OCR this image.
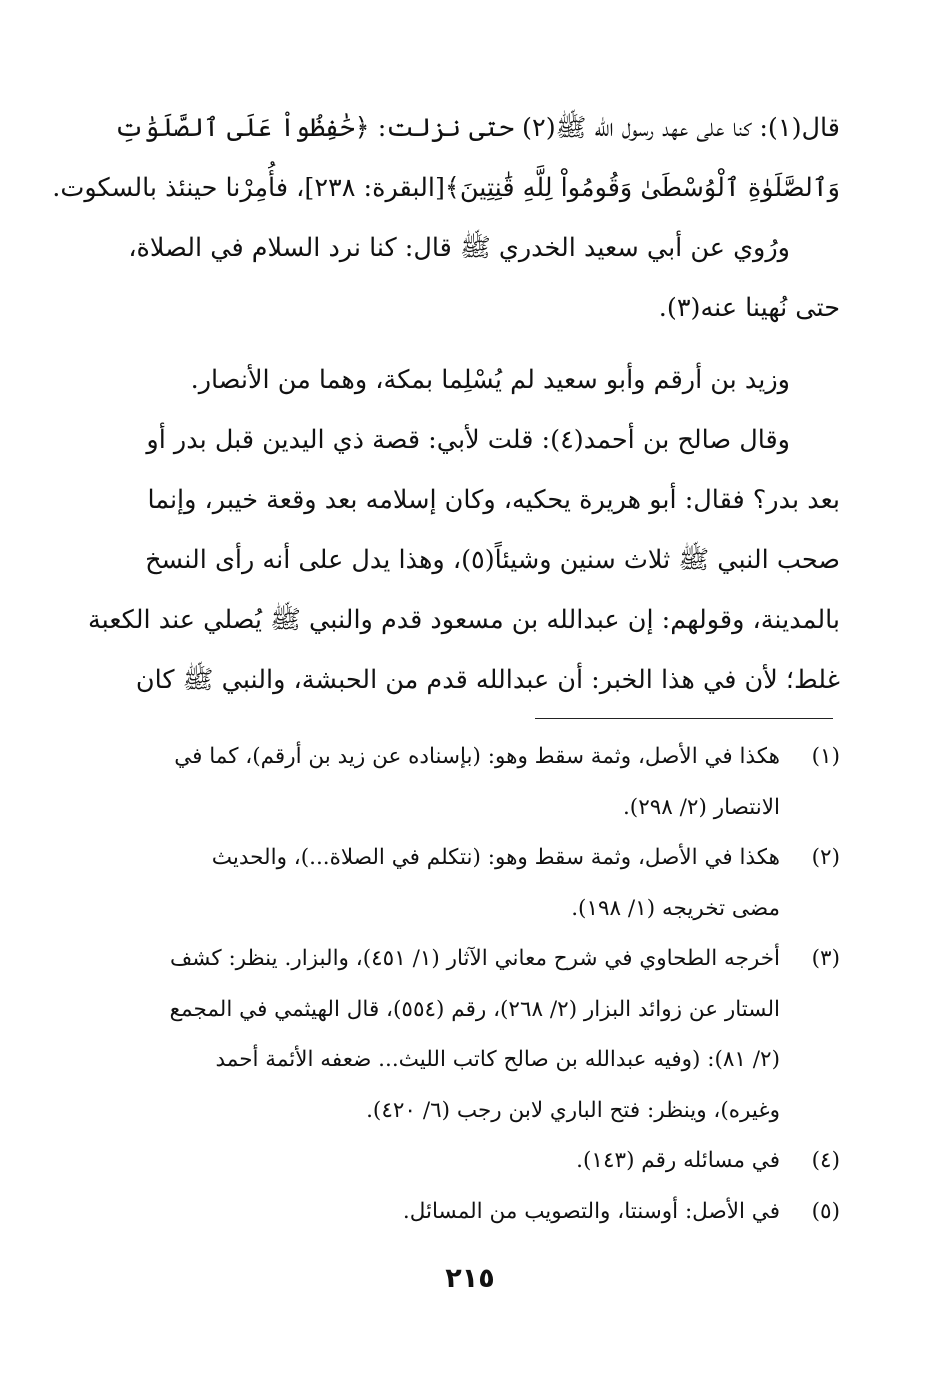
قال(١): كنا على عهد رسول الله ﷺ(٢) حتى نزلت: ﴿حَٰفِظُواْ عَلَى ٱلصَّلَوَٰتِ
وَٱلصَّلَوٰةِ ٱلْوُسْطَىٰ وَقُومُواْ لِلَّهِ قَٰنِتِينَ﴾[البقرة: ٢٣٨]، فأُمِرْنا حينئذ بالسكوت.
ورُوي عن أبي سعيد الخدري ﷺ قال: كنا نرد السلام في الصلاة،
حتى نُهينا عنه(٣).
وزيد بن أرقم وأبو سعيد لم يُسْلِما بمكة، وهما من الأنصار.
وقال صالح بن أحمد(٤): قلت لأبي: قصة ذي اليدين قبل بدر أو
بعد بدر؟ فقال: أبو هريرة يحكيه، وكان إسلامه بعد وقعة خيبر، وإنما
صحب النبي ﷺ ثلاث سنين وشيئاً(٥)، وهذا يدل على أنه رأى النسخ
بالمدينة، وقولهم: إن عبدالله بن مسعود قدم والنبي ﷺ يُصلي عند الكعبة
غلط؛ لأن في هذا الخبر: أن عبدالله قدم من الحبشة، والنبي ﷺ كان
(١)
هكذا في الأصل، وثمة سقط وهو: (بإسناده عن زيد بن أرقم)، كما في
الانتصار (٢/ ٢٩٨).
(٢)
هكذا في الأصل، وثمة سقط وهو: (نتكلم في الصلاة...)، والحديث
مضى تخريجه (١/ ١٩٨).
(٣)
أخرجه الطحاوي في شرح معاني الآثار (١/ ٤٥١)، والبزار. ينظر: كشف
الستار عن زوائد البزار (٢/ ٢٦٨)، رقم (٥٥٤)، قال الهيثمي في المجمع
(٢/ ٨١): (وفيه عبدالله بن صالح كاتب الليث... ضعفه الأئمة أحمد
وغيره)، وينظر: فتح الباري لابن رجب (٦/ ٤٢٠).
(٤)
في مسائله رقم (١٤٣).
(٥)
في الأصل: أوسنتا، والتصويب من المسائل.
٢١٥
